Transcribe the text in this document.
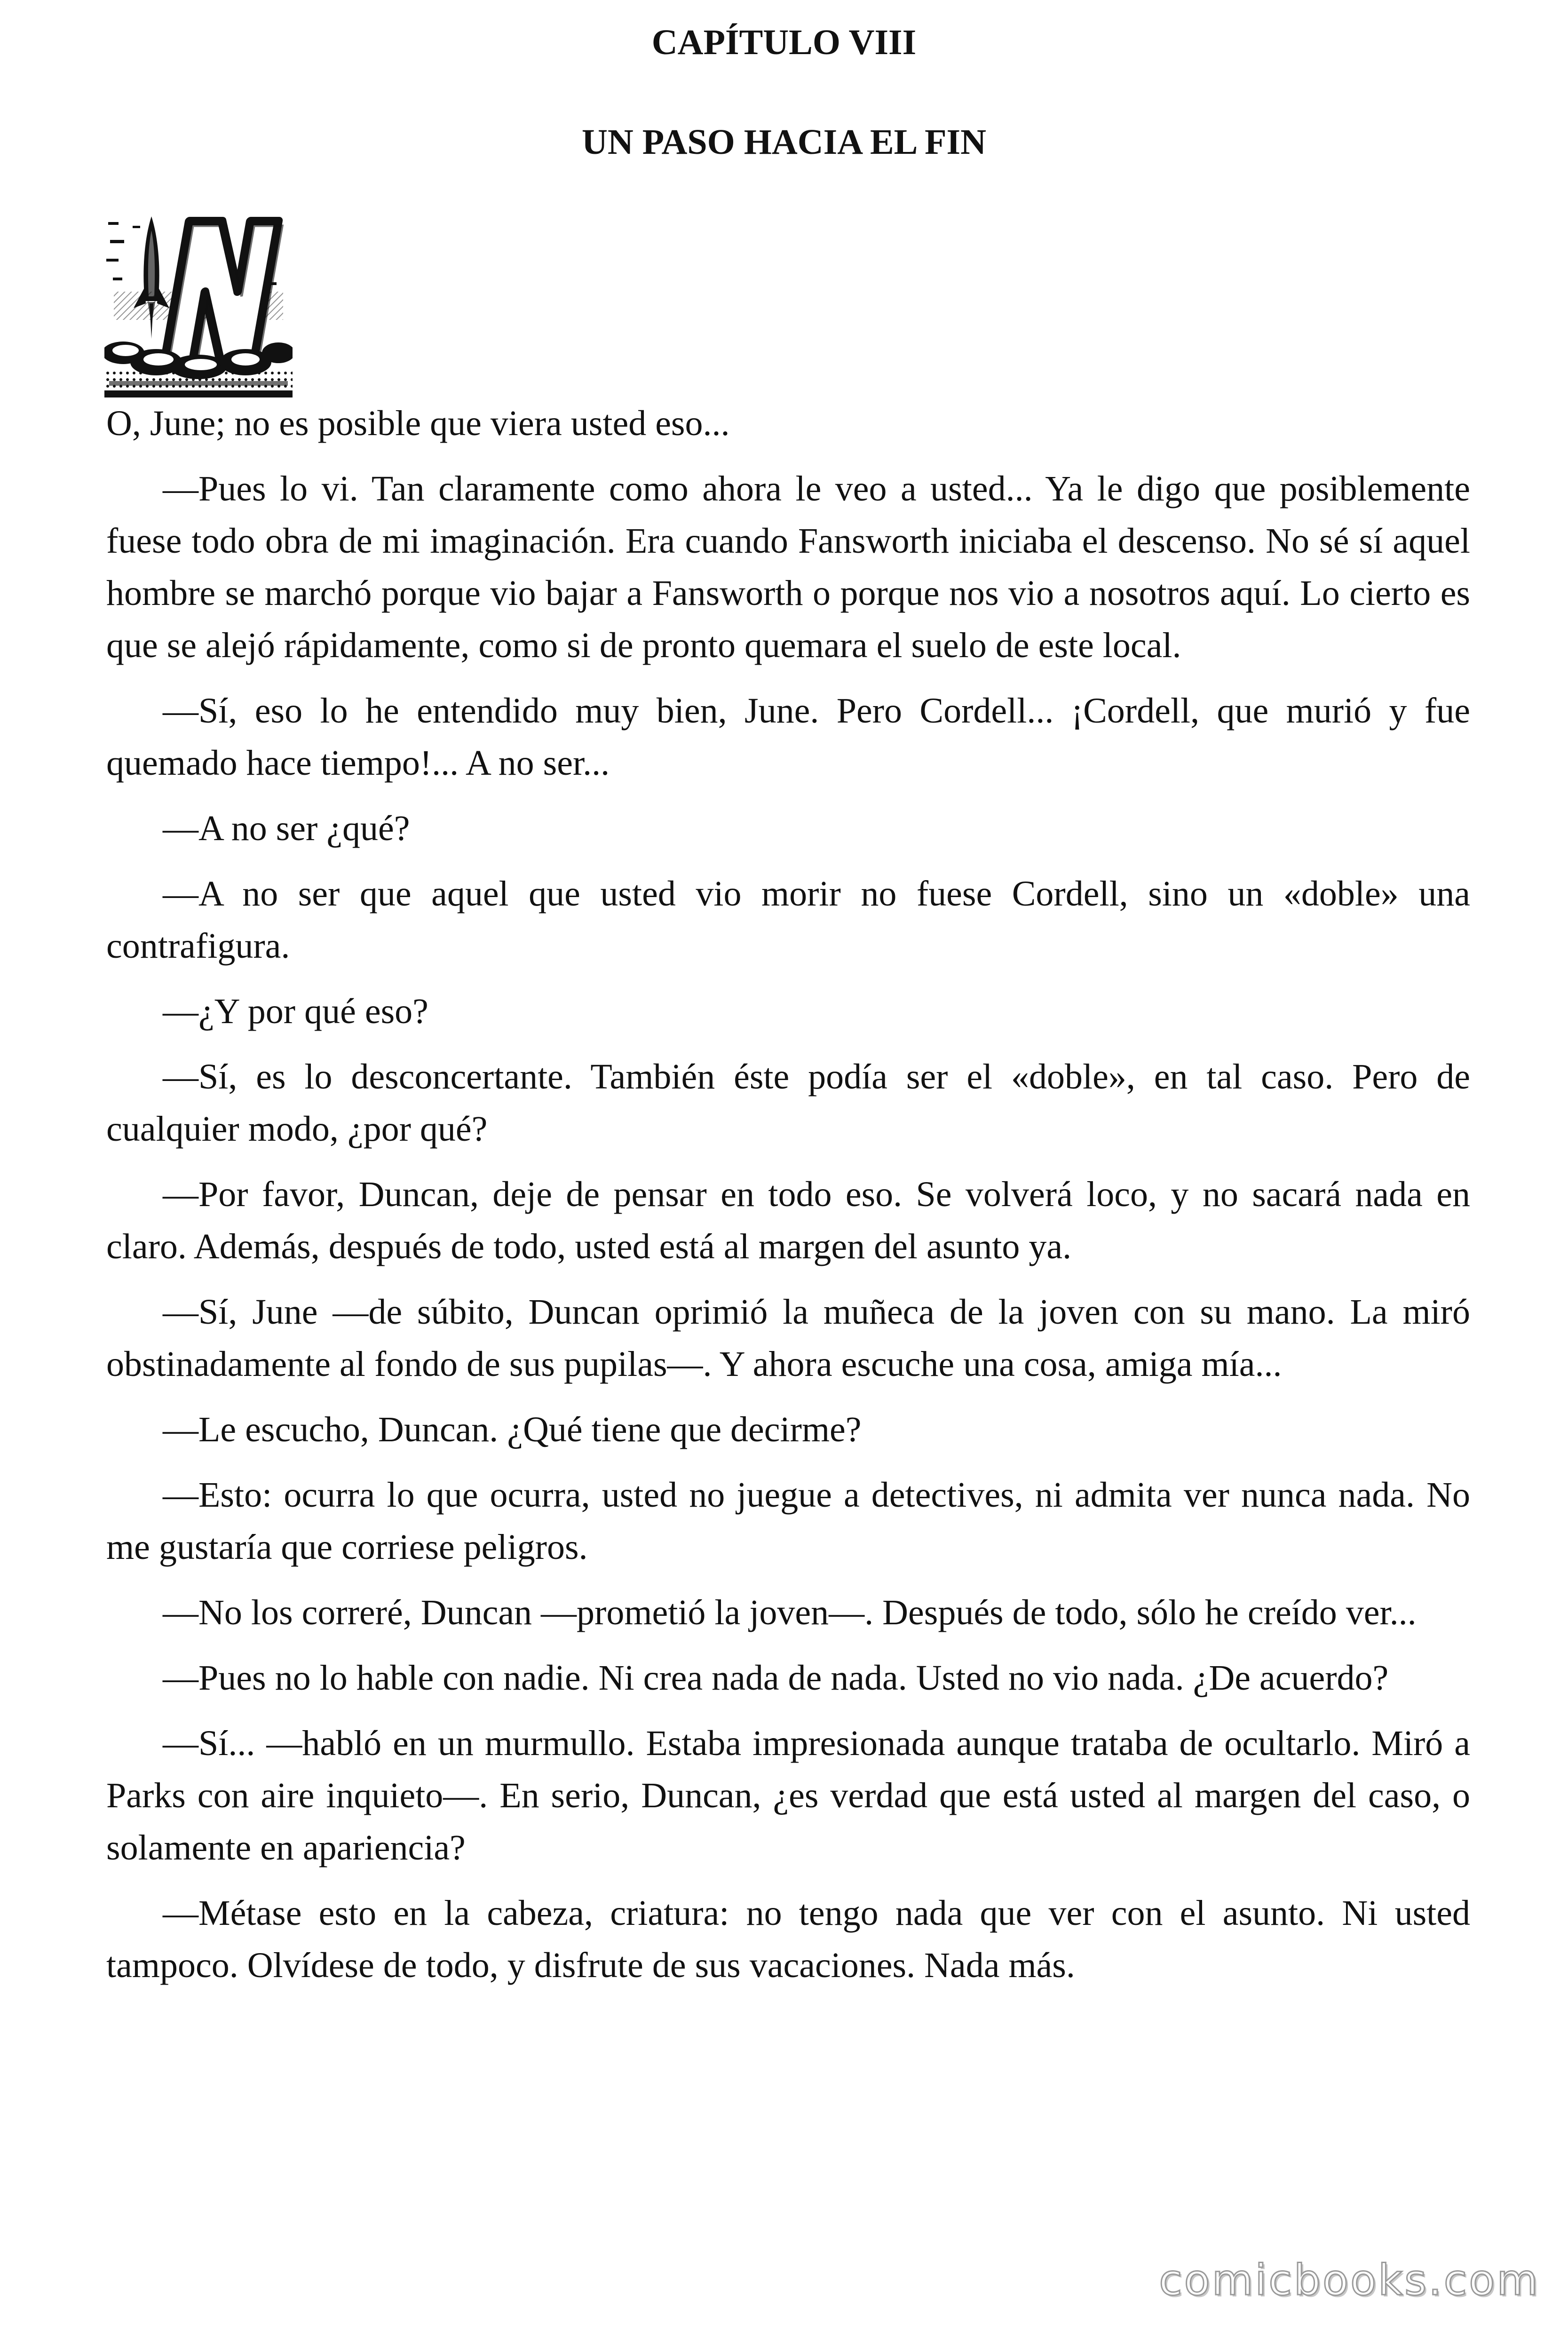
CAPÍTULO VIII
UN PASO HACIA EL FIN

O, June; no es posible que viera usted eso...

—Pues lo vi. Tan claramente como ahora le veo a usted... Ya le digo que posiblemente fuese todo obra de mi imaginación. Era cuando Fansworth iniciaba el descenso. No sé sí aquel hombre se marchó porque vio bajar a Fansworth o porque nos vio a nosotros aquí. Lo cierto es que se alejó rápidamente, como si de pronto quemara el suelo de este local.

—Sí, eso lo he entendido muy bien, June. Pero Cordell... ¡Cordell, que murió y fue quemado hace tiempo!... A no ser...

—A no ser ¿qué?

—A no ser que aquel que usted vio morir no fuese Cordell, sino un «doble» una contrafigura.

—¿Y por qué eso?

—Sí, es lo desconcertante. También éste podía ser el «doble», en tal caso. Pero de cualquier modo, ¿por qué?

—Por favor, Duncan, deje de pensar en todo eso. Se volverá loco, y no sacará nada en claro. Además, después de todo, usted está al margen del asunto ya.

—Sí, June —de súbito, Duncan oprimió la muñeca de la joven con su mano. La miró obstinadamente al fondo de sus pupilas—. Y ahora escuche una cosa, amiga mía...

—Le escucho, Duncan. ¿Qué tiene que decirme?

—Esto: ocurra lo que ocurra, usted no juegue a detectives, ni admita ver nunca nada. No me gustaría que corriese peligros.

—No los correré, Duncan —prometió la joven—. Después de todo, sólo he creído ver...

—Pues no lo hable con nadie. Ni crea nada de nada. Usted no vio nada. ¿De acuerdo?

—Sí... —habló en un murmullo. Estaba impresionada aunque trataba de ocultarlo. Miró a Parks con aire inquieto—. En serio, Duncan, ¿es verdad que está usted al margen del caso, o solamente en apariencia?

—Métase esto en la cabeza, criatura: no tengo nada que ver con el asunto. Ni usted tampoco. Olvídese de todo, y disfrute de sus vacaciones. Nada más.

comicbooks.com
